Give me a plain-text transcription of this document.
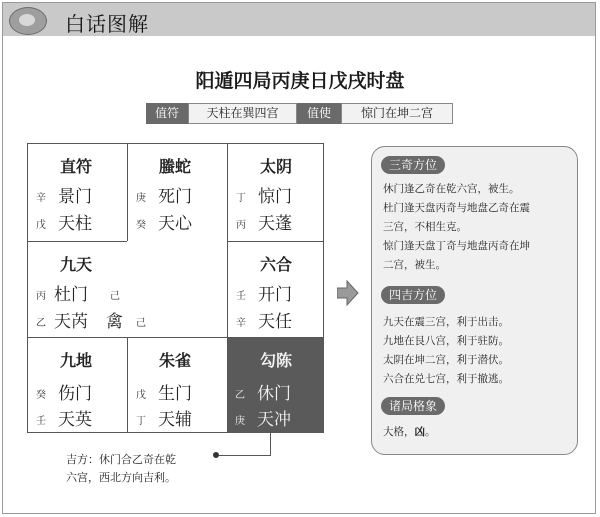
白话图解
阳遁四局丙庚日戊戌时盘
值符	天柱在巽四宫	值使	惊门在坤二宫
勾陈
乙 休门
庚 天冲
直符
辛 景门
戊 天柱
螣蛇
庚 死门
癸 天心
太阴
丁 惊门
丙 天蓬
九天
丙 杜门 己
乙 天芮 禽 己
六合
壬 开门
辛 天任
九地
癸 伤门
壬 天英
朱雀
戊 生门
丁 天辅
三奇方位
休门逢乙奇在乾六宫，被生。
杜门逢天盘丙奇与地盘乙奇在震
三宫，不相生克。
惊门逢天盘丁奇与地盘丙奇在坤
二宫，被生。
四吉方位
九天在震三宫，利于出击。
九地在艮八宫，利于驻防。
太阴在坤二宫，利于潜伏。
六合在兑七宫，利于撤逃。
诸局格象
大格，凶。
吉方：休门合乙奇在乾
六宫，西北方向吉利。
